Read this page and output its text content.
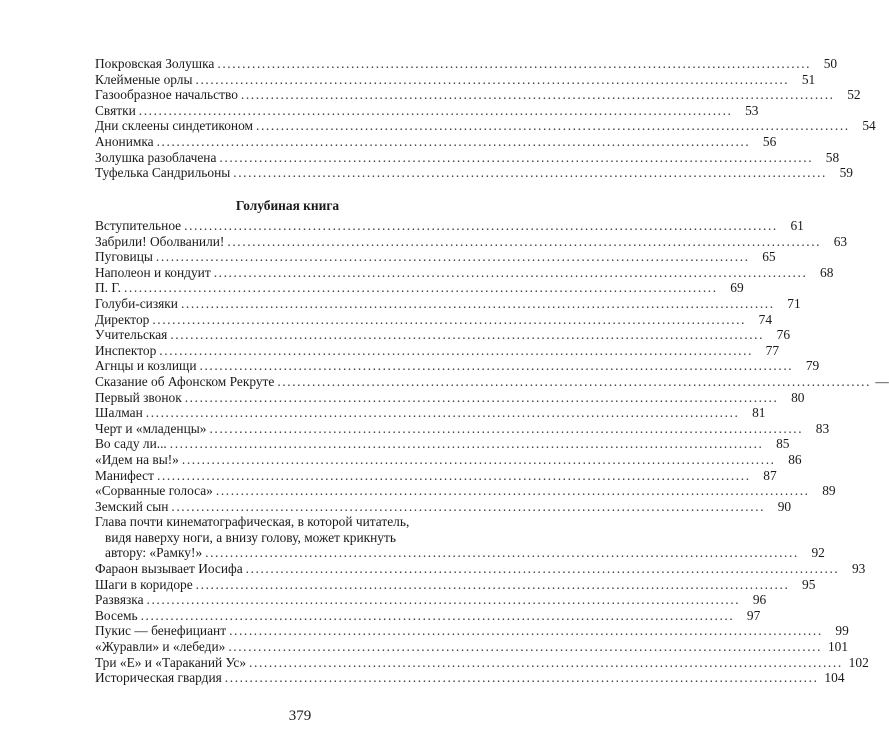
Покровская Золушка ........................................................................................................................ 50
Клейменые орлы ........................................................................................................................ 51
Газообразное начальство ........................................................................................................................ 52
Святки ........................................................................................................................ 53
Дни склеены синдетиконом ........................................................................................................................ 54
Анонимка ........................................................................................................................ 56
Золушка разоблачена ........................................................................................................................ 58
Туфелька Сандрильоны ........................................................................................................................ 59
Голубиная книга
Вступительное ........................................................................................................................ 61
Забрили! Оболванили! ........................................................................................................................ 63
Пуговицы ........................................................................................................................ 65
Наполеон и кондуит ........................................................................................................................ 68
П. Г. ........................................................................................................................ 69
Голуби-сизяки ........................................................................................................................ 71
Директор ........................................................................................................................ 74
Учительская ........................................................................................................................ 76
Инспектор ........................................................................................................................ 77
Агнцы и козлищи ........................................................................................................................ 79
Сказание об Афонском Рекруте ........................................................................................................................ —
Первый звонок ........................................................................................................................ 80
Шалман ........................................................................................................................ 81
Черт и «младенцы» ........................................................................................................................ 83
Во саду ли... ........................................................................................................................ 85
«Идем на вы!» ........................................................................................................................ 86
Манифест ........................................................................................................................ 87
«Сорванные голоса» ........................................................................................................................ 89
Земский сын ........................................................................................................................ 90
Глава почти кинематографическая, в которой читатель,
видя наверху ноги, а внизу голову, может крикнуть
автору: «Рамку!» ........................................................................................................................ 92
Фараон вызывает Иосифа ........................................................................................................................ 93
Шаги в коридоре ........................................................................................................................ 95
Развязка ........................................................................................................................ 96
Восемь ........................................................................................................................ 97
Пукис — бенефициант ........................................................................................................................ 99
«Журавли» и «лебеди» ........................................................................................................................ 101
Три «Е» и «Тараканий Ус» ........................................................................................................................ 102
Историческая гвардия ........................................................................................................................ 104
379
